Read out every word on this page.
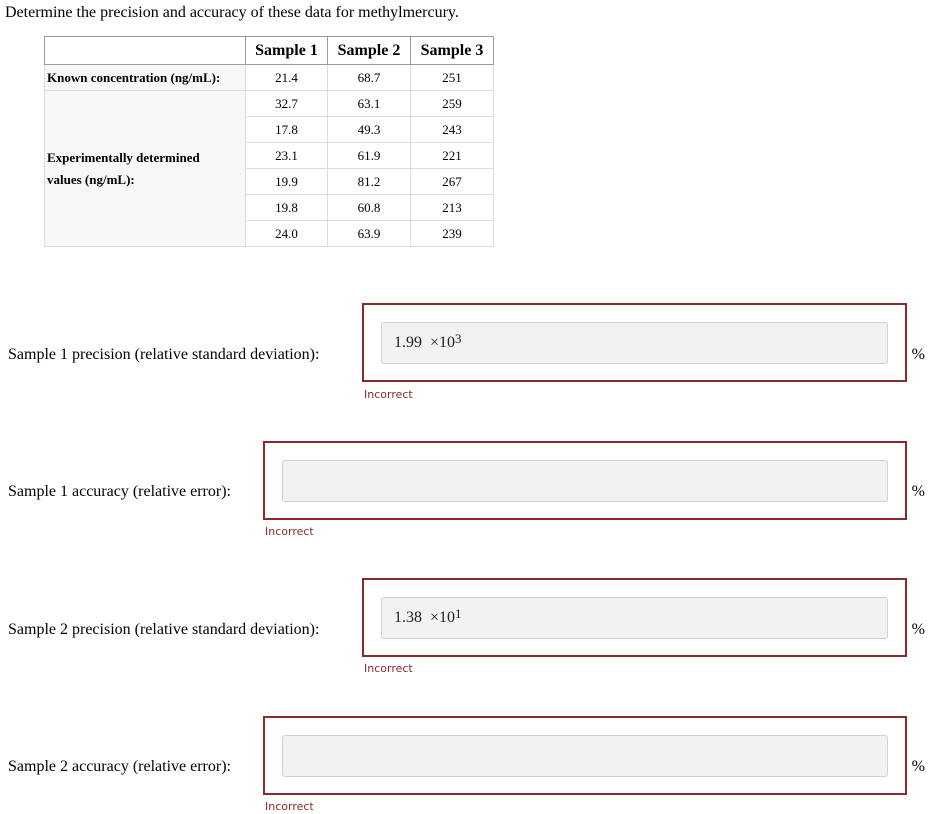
Determine the precision and accuracy of these data for methylmercury.
	Sample 1	Sample 2	Sample 3
Known concentration (ng/mL):	21.4	68.7	251

Experimentally determined values (ng/mL):	32.7	63.1	259
	17.8	49.3	243
	23.1	61.9	221
	19.9	81.2	267
	19.8	60.8	213
	24.0	63.9	239
Sample 1 precision (relative standard deviation):
$1.99 \times 10^3$
%
Incorrect
Sample 1 accuracy (relative error):	%
Incorrect
Sample 2 precision (relative standard deviation):
$1.38 \times 10^1$
%
Incorrect
Sample 2 accuracy (relative error):	%
Incorrect
